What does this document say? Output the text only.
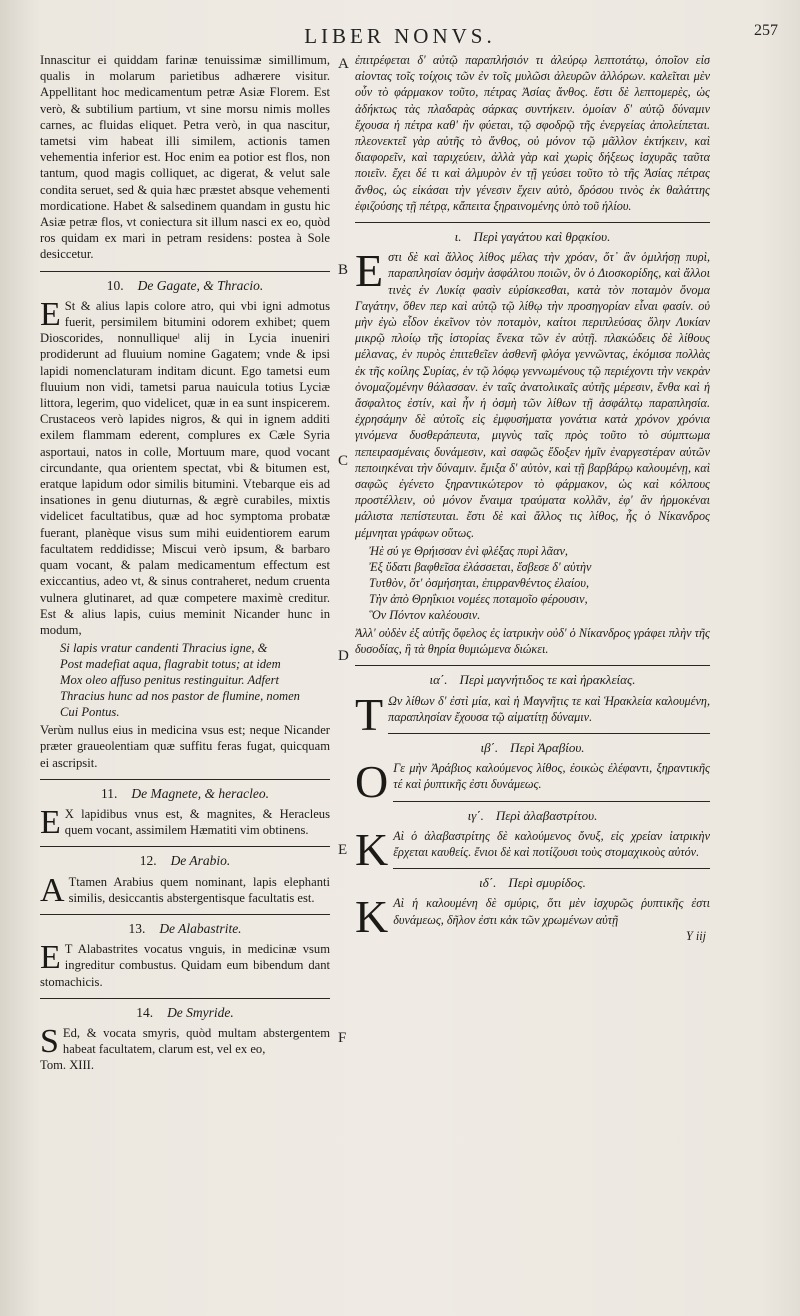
LIBER NONVS.	257
A
B
C
D
E
F

Innascitur ei quiddam farinæ tenuissimæ simillimum, qualis in molarum parietibus adhærere visitur. Appellitant hoc medicamentum petræ Asiæ Florem. Est verò, & subtilium partium, vt sine morsu nimis molles carnes, ac fluidas eliquet. Petra verò, in qua nascitur, tametsi vim habeat illi similem, actionis tamen vehementia inferior est. Hoc enim ea potior est flos, non tantum, quod magis colliquet, ac digerat, & velut sale condita seruet, sed & quia hæc præstet absque vehementi mordicatione. Habet & salsedinem quandam in gustu hic Asiæ petræ flos, vt coniectura sit illum nasci ex eo, quòd ros quidam ex mari in petram residens: postea à Sole desiccetur.

10. De Gagate, & Thracio.

E St & alius lapis colore atro, qui vbi igni admotus fuerit, persimilem bitumini odorem exhibet; quem Dioscorides, nonnulliqueˡ alij in Lycia inueniri prodiderunt ad fluuium nomine Gagatem; vnde & ipsi lapidi nomenclaturam inditam dicunt. Ego tametsi eum fluuium non vidi, tametsi parua nauicula totius Lyciæ littora, legerim, quo videlicet, quæ in ea sunt inspicerem. Crustaceos verò lapides nigros, & qui in ignem additi exilem flammam ederent, complures ex Cæle Syria asportaui, natos in colle, Mortuum mare, quod vocant circundante, qua orientem spectat, vbi & bitumen est, eratque lapidum odor similis bitumini. Vtebarque eis ad insationes in genu diuturnas, & ægrè curabiles, mixtis videlicet facultatibus, quæ ad hoc symptoma probatæ fuerant, planèque visus sum mihi euidentiorem earum facultatem reddidisse; Miscui verò ipsum, & barbaro quam vocant, & palam medicamentum effectum est exiccantius, adeo vt, & sinus contraheret, nedum cruenta vulnera glutinaret, ad quæ competere maximè creditur. Est & alius lapis, cuius meminit Nicander hunc in modum,

Si lapis vratur candenti Thracius igne, &
Post madefiat aqua, flagrabit totus; at idem
Mox oleo affuso penitus restinguitur. Adfert
Thracius hunc ad nos pastor de flumine, nomen
Cui Pontus.

Verùm nullus eius in medicina vsus est; neque Nicander præter graueolentiam quæ suffitu feras fugat, quicquam ei ascripsit.

11. De Magnete, & heracleo.

E X lapidibus vnus est, & magnites, & Heracleus quem vocant, assimilem Hæmatiti vim obtinens.

12. De Arabio.

A Ttamen Arabius quem nominant, lapis elephanti similis, desiccantis abstergentisque facultatis est.

13. De Alabastrite.

E T Alabastrites vocatus vnguis, in medicinæ vsum ingreditur combustus. Quidam eum bibendum dant stomachicis.

14. De Smyride.

S Ed, & vocata smyris, quòd multam abstergentem habeat facultatem, clarum est, vel ex eo,

Tom. XIII.

ἐπιτρέφεται δ' αὐτῷ παραπλήσιόν τι ἀλεύρῳ λεπτοτάτῳ, ὁποῖον εἰσ αἰοντας τοῖς τοίχοις τῶν ἐν τοῖς μυλῶσι ἀλευρῶν ἀλλόρων. καλεῖται μὲν οὖν τὸ φάρμακον τοῦτο, πέτρας Ἀσίας ἄνθος. ἔστι δὲ λεπτομερὲς, ὡς ἀδήκτως τὰς πλαδαρὰς σάρκας συντήκειν. ὁμοίαν δ' αὐτῷ δύναμιν ἔχουσα ἡ πέτρα καθ' ἣν φύεται, τῷ σφοδρῷ τῆς ἐνεργείας ἀπολείπεται. πλεονεκτεῖ γὰρ αὐτῆς τὸ ἄνθος, οὐ μόνον τῷ μᾶλλον ἐκτήκειν, καὶ διαφορεῖν, καὶ ταριχεύειν, ἀλλὰ γὰρ καὶ χωρὶς δήξεως ἰσχυρᾶς ταῦτα ποιεῖν. ἔχει δέ τι καὶ ἁλμυρὸν ἐν τῇ γεύσει τοῦτο τὸ τῆς Ἀσίας πέτρας ἄνθος, ὡς εἰκάσαι τὴν γένεσιν ἔχειν αὐτὸ, δρόσου τινὸς ἐκ θαλάττης ἐφιζούσης τῇ πέτρᾳ, κἄπειτα ξηραινομένης ὑπὸ τοῦ ἡλίου.

ι. Περὶ γαγάτου καὶ θρᾳκίου.

Εστι δὲ καὶ ἄλλος λίθος μέλας τὴν χρόαν, ὅτ᾽ ἂν ὁμιλήσῃ πυρὶ, παραπλησίαν ὀσμὴν ἀσφάλτου ποιῶν, ὃν ὁ Διοσκορίδης, καὶ ἄλλοι τινὲς ἐν Λυκίᾳ φασὶν εὑρίσκεσθαι, κατὰ τὸν ποταμὸν ὄνομα Γαγάτην, ὅθεν περ καὶ αὐτῷ τῷ λίθῳ τὴν προσηγορίαν εἶναι φασίν. οὐ μὴν ἐγὼ εἶδον ἐκεῖνον τὸν ποταμὸν, καίτοι περιπλεύσας ὅλην Λυκίαν μικρῷ πλοίῳ τῆς ἱστορίας ἕνεκα τῶν ἐν αὐτῇ. πλακώδεις δὲ λίθους μέλανας, ἐν πυρὸς ἐπιτεθεῖεν ἀσθενῆ φλόγα γεννῶντας, ἐκόμισα πολλὰς ἐκ τῆς κοίλης Συρίας, ἐν τῷ λόφῳ γεννωμένους τῷ περιέχοντι τὴν νεκρὰν ὀνομαζομένην θάλασσαν. ἐν ταῖς ἀνατολικαῖς αὐτῆς μέρεσιν, ἔνθα καὶ ἡ ἄσφαλτος ἐστίν, καὶ ἦν ἡ ὀσμὴ τῶν λίθων τῇ ἀσφάλτῳ παραπλησία. ἐχρησάμην δὲ αὐτοῖς εἰς ἐμφυσήματα γονάτια κατὰ χρόνον χρόνια γινόμενα δυσθεράπευτα, μιγνὺς ταῖς πρὸς τοῦτο τὸ σύμπτωμα πεπειρασμέναις δυνάμεσιν, καὶ σαφῶς ἔδοξεν ἡμῖν ἐναργεστέραν αὐτῶν πεποιηκέναι τὴν δύναμιν. ἔμιξα δ' αὐτὸν, καὶ τῇ βαρβάρῳ καλουμένῃ, καὶ σαφῶς ἐγένετο ξηραντικώτερον τὸ φάρμακον, ὡς καὶ κόλπους προστέλλειν, οὐ μόνον ἔναιμα τραύματα κολλᾶν, ἐφ' ἃν ἡρμοκέναι μάλιστα πεπίστευται. ἔστι δὲ καὶ ἄλλος τις λίθος, ἧς ὁ Νίκανδρος μέμνηται γράφων οὕτως.

Ἠὲ σύ γε Θρήισσαν ἐνὶ φλέξας πυρὶ λᾶαν,
Ἐξ ὕδατι βαφθεῖσα ἐλάσσεται, ἔσβεσε δ' αὐτὴν
Τυτθὸν, ὅτ' ὀσμήσηται, ἐπιρρανθέντος ἐλαίου,
Τὴν ἀπὸ Θρηΐκιοι νομέες ποταμοῖο φέρουσιν,
Ὃν Πόντον καλέουσιν.

Ἀλλ' οὐδὲν ἐξ αὐτῆς ὄφελος ἐς ἰατρικὴν οὐδ' ὁ Νίκανδρος γράφει πλὴν τῆς δυσοδίας, ἣ τὰ θηρία θυμιώμενα διώκει.

ια΄. Περὶ μαγνήτιδος τε καὶ ἡρακλείας.

Τ Ων λίθων δ' ἐστὶ μία, καὶ ἡ Μαγνῆτις τε καὶ Ἡρακλεία καλουμένη, παραπλησίαν ἔχουσα τῷ αἱματίτῃ δύναμιν.

ιβ΄. Περὶ Ἀραβίου.

Ο Γε μὴν Ἀράβιος καλούμενος λίθος, ἐοικὼς ἐλέφαντι, ξηραντικῆς τέ καὶ ῥυπτικῆς ἐστι δυνάμεως.

ιγ΄. Περὶ ἀλαβαστρίτου.

Κ Αὶ ὁ ἀλαβαστρίτης δὲ καλούμενος ὄνυξ, εἰς χρείαν ἰατρικὴν ἔρχεται καυθείς. ἔνιοι δὲ καὶ ποτίζουσι τοὺς στομαχικοὺς αὐτόν.

ιδ΄. Περὶ σμυρίδος.

Κ Αὶ ἡ καλουμένη δὲ σμύρις, ὅτι μὲν ἰσχυρῶς ῥυπτικῆς ἐστι δυνάμεως, δῆλον ἐστι κἀκ τῶν χρωμένων αὐτῇ

Y iij
